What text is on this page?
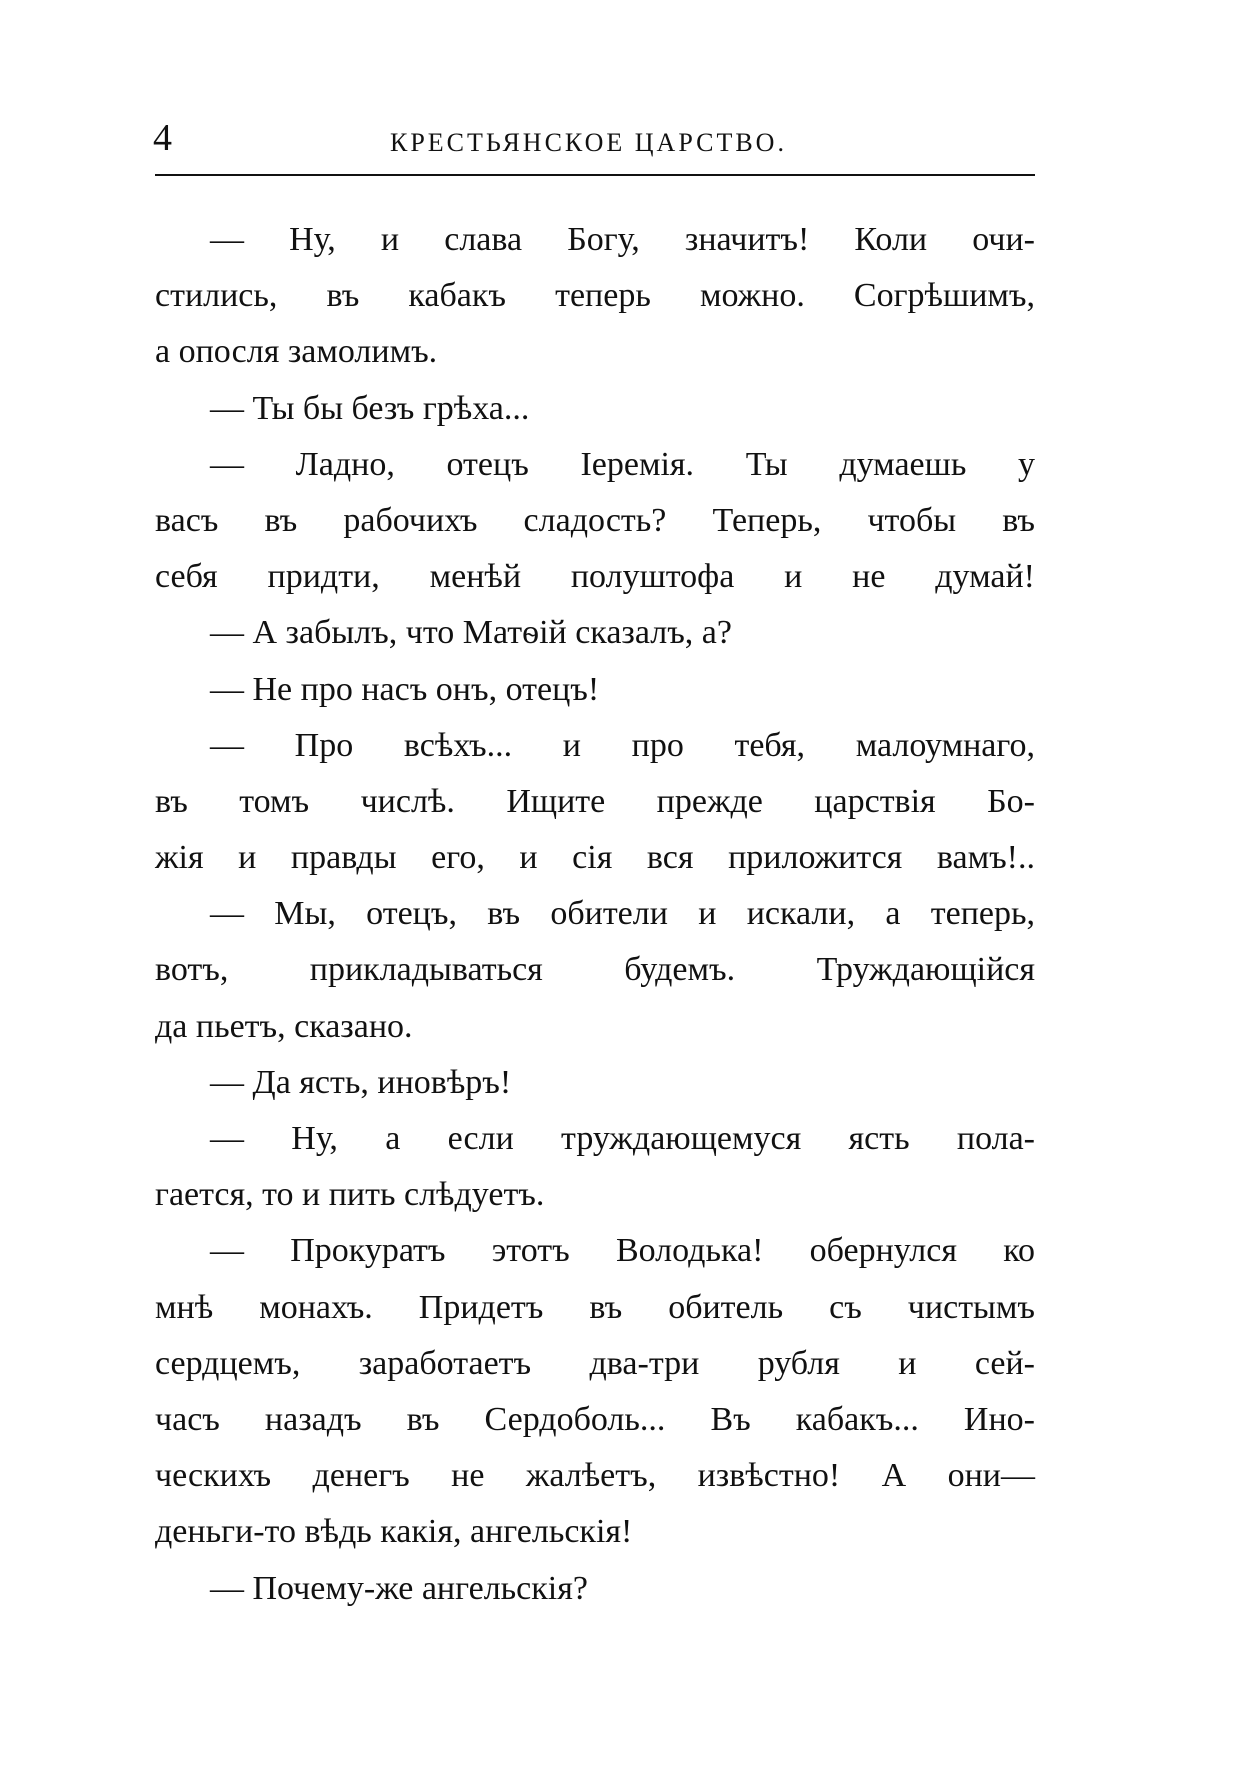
4	КРЕСТЬЯНСКОЕ ЦАРСТВО.
— Ну, и слава Богу, значитъ! Коли очи-
стились, въ кабакъ теперь можно. Согрѣшимъ,
а опосля замолимъ.
— Ты бы безъ грѣха...
— Ладно, отецъ Іеремія. Ты думаешь у
васъ въ рабочихъ сладость? Теперь, чтобы въ
себя придти, менѣй полуштофа и не думай!
— А забылъ, что Матѳій сказалъ, а?
— Не про насъ онъ, отецъ!
— Про всѣхъ... и про тебя, малоумнаго,
въ томъ числѣ. Ищите прежде царствія Бо-
жія и правды его, и сія вся приложится вамъ!..
— Мы, отецъ, въ обители и искали, а теперь,
вотъ, прикладываться будемъ. Труждающійся
да пьетъ, сказано.
— Да ясть, иновѣръ!
— Ну, а если труждающемуся ясть пола-
гается, то и пить слѣдуетъ.
— Прокуратъ этотъ Володька! обернулся ко
мнѣ монахъ. Придетъ въ обитель съ чистымъ
сердцемъ, заработаетъ два-три рубля и сей-
часъ назадъ въ Сердоболь... Въ кабакъ... Ино-
ческихъ денегъ не жалѣетъ, извѣстно! А они—
деньги-то вѣдь какія, ангельскія!
— Почему-же ангельскія?
